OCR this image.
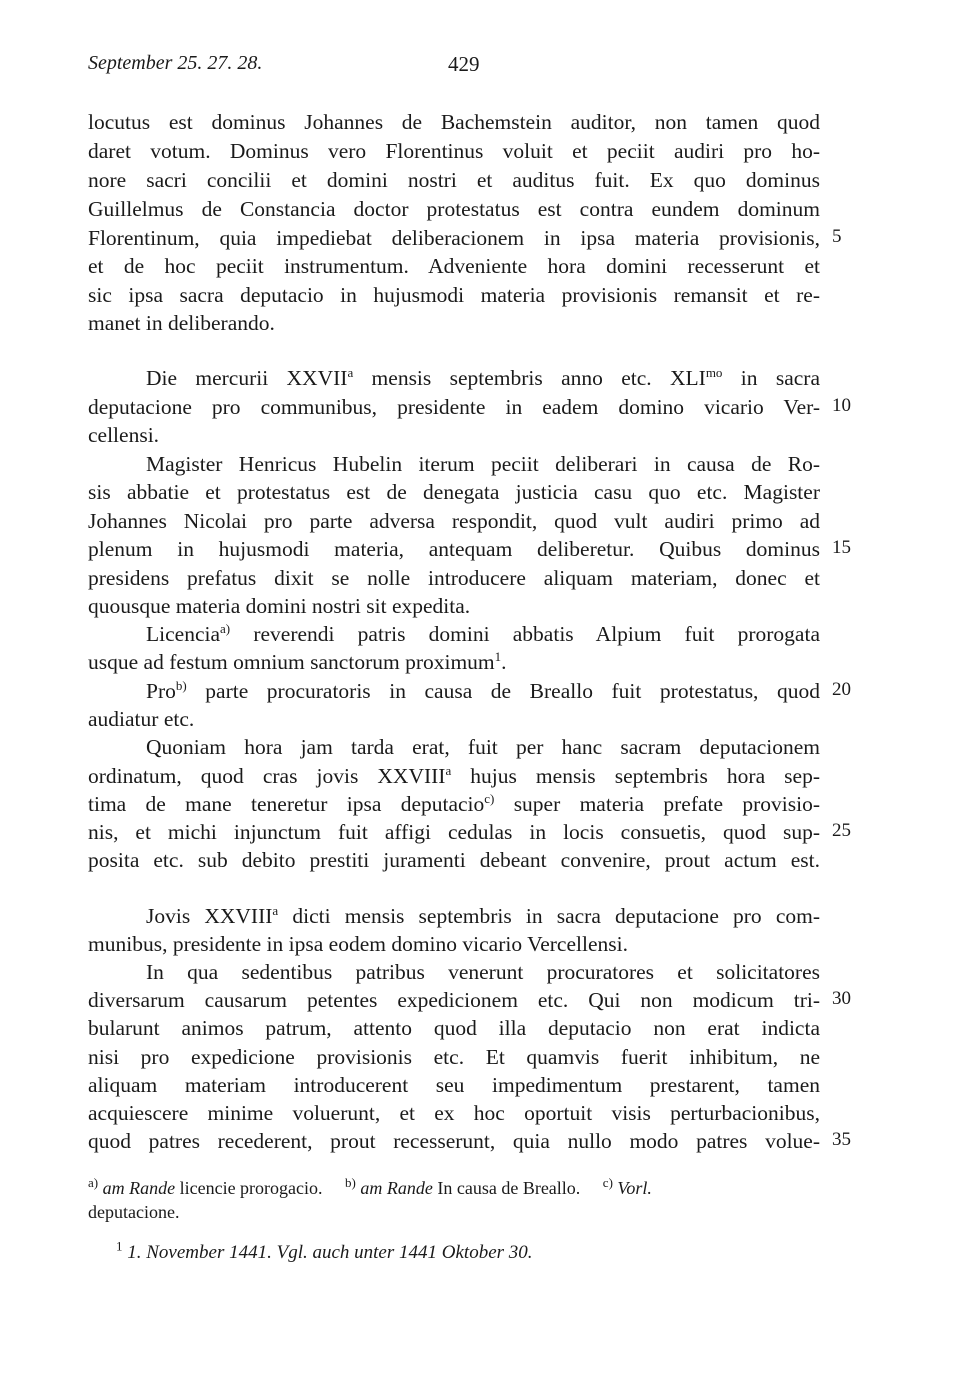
September 25. 27. 28.	429
locutus est dominus Johannes de Bachemstein auditor, non tamen quod
daret votum. Dominus vero Florentinus voluit et peciit audiri pro ho-
nore sacri concilii et domini nostri et auditus fuit. Ex quo dominus
Guillelmus de Constancia doctor protestatus est contra eundem dominum
Florentinum, quia impediebat deliberacionem in ipsa materia provisionis,
et de hoc peciit instrumentum. Adveniente hora domini recesserunt et
sic ipsa sacra deputacio in hujusmodi materia provisionis remansit et re-
manet in deliberando.
Die mercurii XXVII$^a$ mensis septembris anno etc. $XLI^{mo}$ in sacra
deputacione pro communibus, presidente in eadem domino vicario Ver-
cellensi.
Magister Henricus Hubelin iterum peciit deliberari in causa de Ro-
sis abbatie et protestatus est de denegata justicia casu quo etc. Magister
Johannes Nicolai pro parte adversa respondit, quod vult audiri primo ad
plenum in hujusmodi materia, antequam deliberetur. Quibus dominus
presidens prefatus dixit se nolle introducere aliquam materiam, donec et
quousque materia domini nostri sit expedita.
Licencia$^{a)}$ reverendi patris domini abbatis Alpium fuit prorogata
usque ad festum omnium sanctorum proximum$^1$.
Pro$^{b)}$ parte procuratoris in causa de Breallo fuit protestatus, quod
audiatur etc.
Quoniam hora jam tarda erat, fuit per hanc sacram deputacionem
ordinatum, quod cras jovis XXVIII$^a$ hujus mensis septembris hora sep-
tima de mane teneretur ipsa deputacio$^{c)}$ super materia prefate provisio-
nis, et michi injunctum fuit affigi cedulas in locis consuetis, quod sup-
posita etc. sub debito prestiti juramenti debeant convenire, prout actum est.
Jovis XXVIII$^a$ dicti mensis septembris in sacra deputacione pro com-
munibus, presidente in ipsa eodem domino vicario Vercellensi.
In qua sedentibus patribus venerunt procuratores et solicitatores
diversarum causarum petentes expedicionem etc. Qui non modicum tri-
bularunt animos patrum, attento quod illa deputacio non erat indicta
nisi pro expedicione provisionis etc. Et quamvis fuerit inhibitum, ne
aliquam materiam introducerent seu impedimentum prestarent, tamen
acquiescere minime voluerunt, et ex hoc oportuit visis perturbacionibus,
quod patres recederent, prout recesserunt, quia nullo modo patres volue-
5
10
15
20
25
30
35
$^{a)}$ am Rande licencie prorogacio. $^{b)}$ am Rande In causa de Breallo. $^{c)}$ Vorl.
deputacione.
$^1$ 1. November 1441. Vgl. auch unter 1441 Oktober 30.
